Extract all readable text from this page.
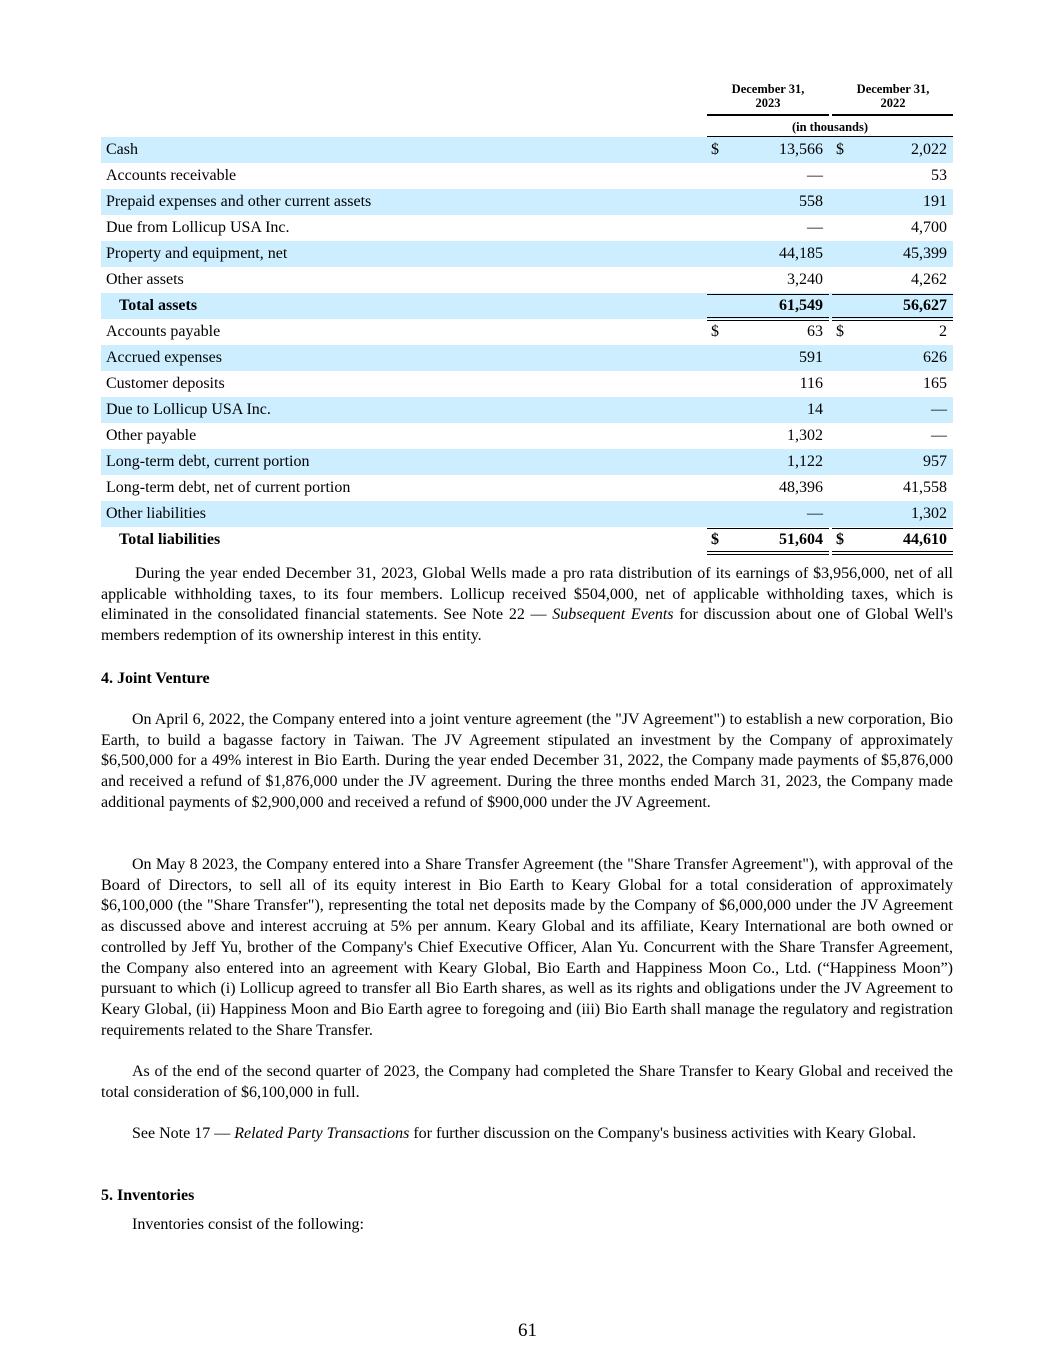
December 31,
2023
December 31,
2022
(in thousands)
Cash	$	13,566 $	2,022
Accounts receivable	—	53
Prepaid expenses and other current assets	558	191
Due from Lollicup USA Inc.	—	4,700
Property and equipment, net	44,185	45,399
Other assets	3,240	4,262
Total assets	61,549	56,627
Accounts payable	$	63 $	2
Accrued expenses	591	626
Customer deposits	116	165
Due to Lollicup USA Inc.	14	—
Other payable	1,302	—
Long-term debt, current portion	1,122	957
Long-term debt, net of current portion	48,396	41,558
Other liabilities	—	1,302
Total liabilities	$	51,604 $	44,610
During the year ended December 31, 2023, Global Wells made a pro rata distribution of its earnings of $3,956,000, net of all applicable withholding taxes, to its four members. Lollicup received $504,000, net of applicable withholding taxes, which is eliminated in the consolidated financial statements. See Note 22 — Subsequent Events for discussion about one of Global Well's members redemption of its ownership interest in this entity.
4. Joint Venture
On April 6, 2022, the Company entered into a joint venture agreement (the "JV Agreement") to establish a new corporation, Bio Earth, to build a bagasse factory in Taiwan. The JV Agreement stipulated an investment by the Company of approximately $6,500,000 for a 49% interest in Bio Earth. During the year ended December 31, 2022, the Company made payments of $5,876,000 and received a refund of $1,876,000 under the JV agreement. During the three months ended March 31, 2023, the Company made additional payments of $2,900,000 and received a refund of $900,000 under the JV Agreement.
On May 8 2023, the Company entered into a Share Transfer Agreement (the "Share Transfer Agreement"), with approval of the Board of Directors, to sell all of its equity interest in Bio Earth to Keary Global for a total consideration of approximately $6,100,000 (the "Share Transfer"), representing the total net deposits made by the Company of $6,000,000 under the JV Agreement as discussed above and interest accruing at 5% per annum. Keary Global and its affiliate, Keary International are both owned or controlled by Jeff Yu, brother of the Company's Chief Executive Officer, Alan Yu. Concurrent with the Share Transfer Agreement, the Company also entered into an agreement with Keary Global, Bio Earth and Happiness Moon Co., Ltd. (“Happiness Moon”) pursuant to which (i) Lollicup agreed to transfer all Bio Earth shares, as well as its rights and obligations under the JV Agreement to Keary Global, (ii) Happiness Moon and Bio Earth agree to foregoing and (iii) Bio Earth shall manage the regulatory and registration requirements related to the Share Transfer.
As of the end of the second quarter of 2023, the Company had completed the Share Transfer to Keary Global and received the total consideration of $6,100,000 in full.
See Note 17 — Related Party Transactions for further discussion on the Company's business activities with Keary Global.
5. Inventories
Inventories consist of the following:
61
